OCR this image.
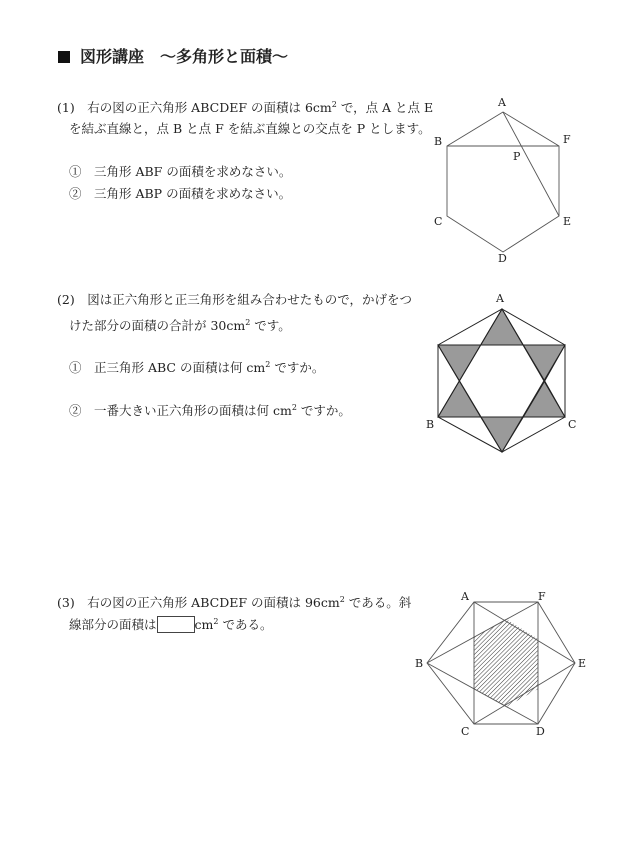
図形講座　～多角形と面積～
(1)　右の図の正六角形 ABCDEF の面積は $6cm^2$ で，点 A と点 E
を結ぶ直線と，点 B と点 F を結ぶ直線との交点を P とします。
①　三角形 ABF の面積を求めなさい。
②　三角形 ABP の面積を求めなさい。
(2)　図は正六角形と正三角形を組み合わせたもので，かげをつ
けた部分の面積の合計が $30cm^2$ です。
①　正三角形 ABC の面積は何 $cm^2$ ですか。
②　一番大きい正六角形の面積は何 $cm^2$ ですか。
(3)　右の図の正六角形 ABCDEF の面積は $96cm^2$ である。斜
線部分の面積は	$cm^2$ である。
A
B
C
D
E
F
P
A
B	C
A	F
B	E
C	D
